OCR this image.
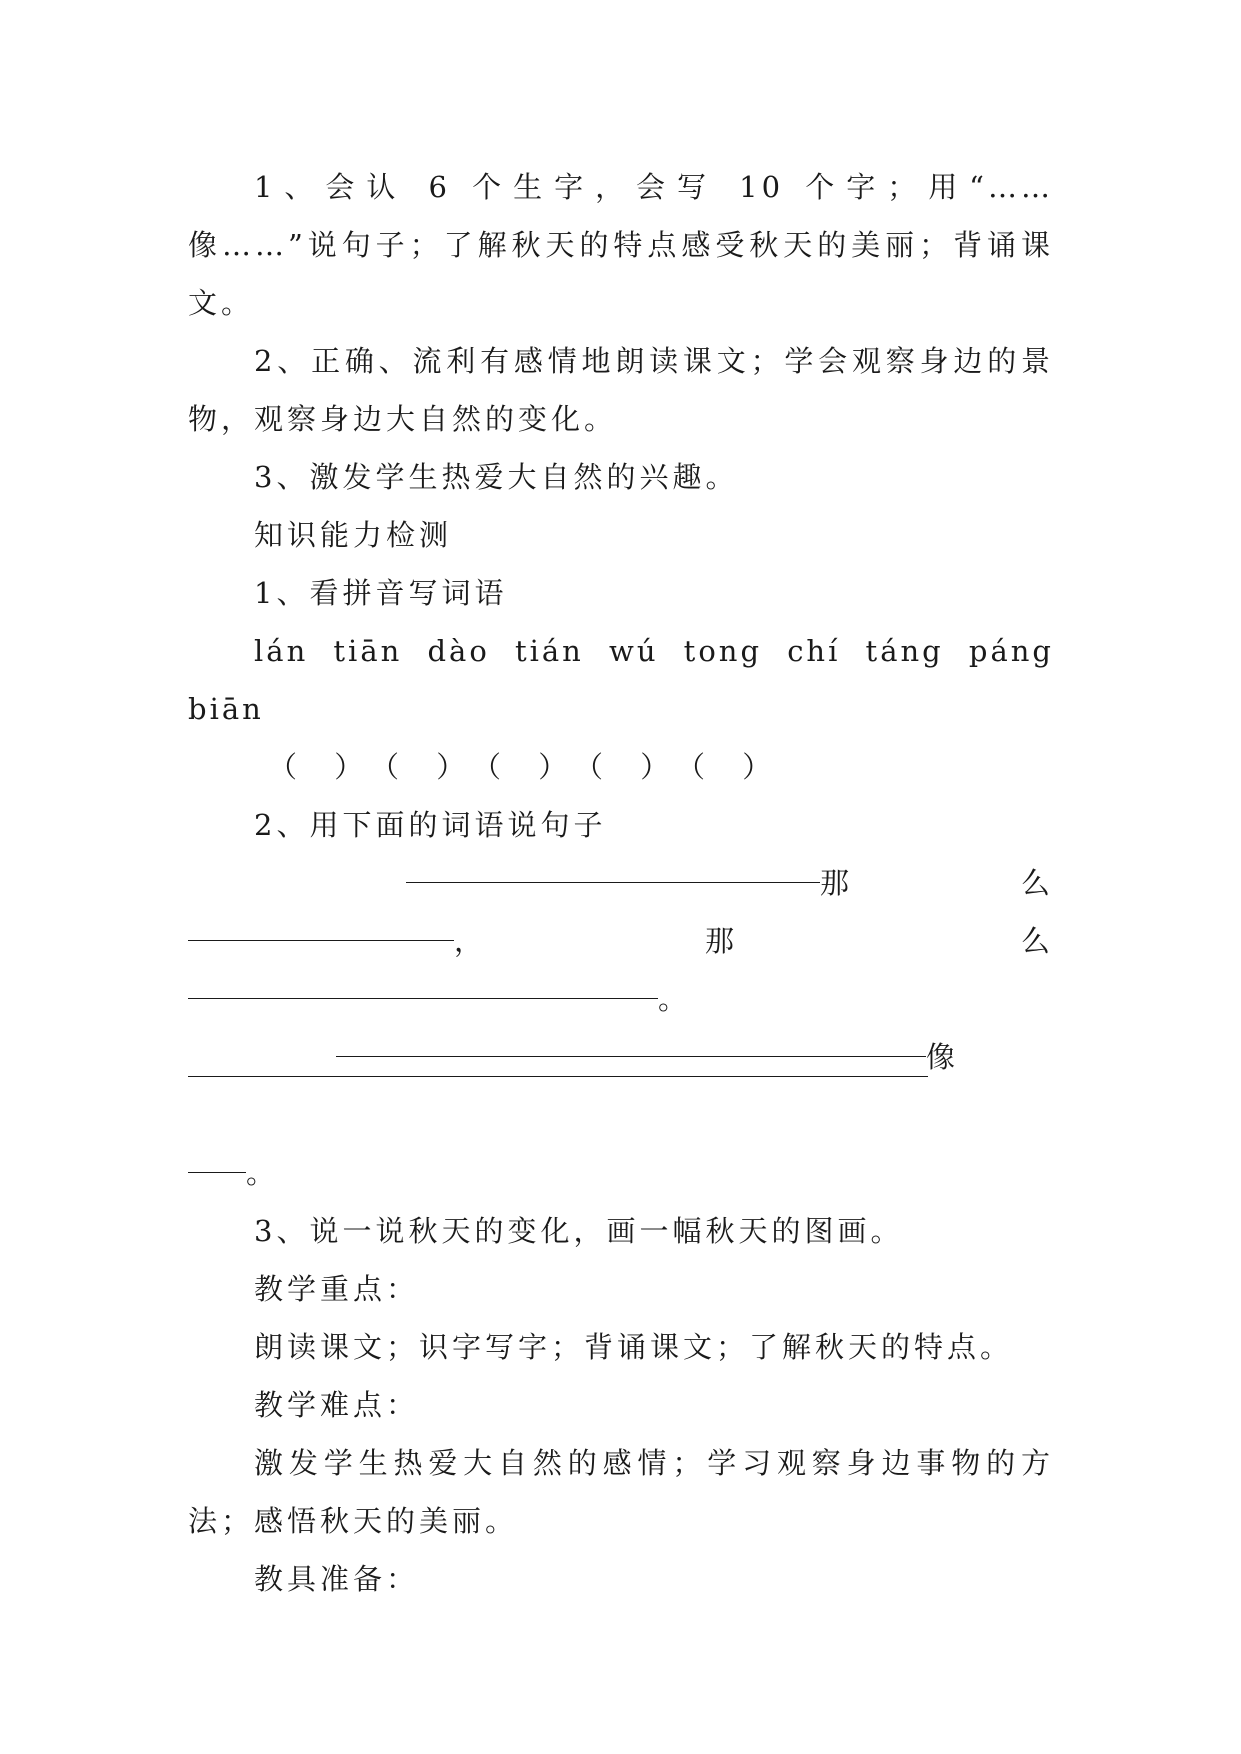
1、会认 6 个生字，会写 10 个字；用“……像……”说句子；了解秋天的特点感受秋天的美丽；背诵课文。

2、正确、流利有感情地朗读课文；学会观察身边的景物，观察身边大自然的变化。

3、激发学生热爱大自然的兴趣。

知识能力检测

1、看拼音写词语

lán tiān dào tián wú tong chí táng páng biān

（ ）（ ）（ ）（ ）（ ）

2、用下面的词语说句子

那	么
，	那	么
。
像
。

3、说一说秋天的变化，画一幅秋天的图画。

教学重点：

朗读课文；识字写字；背诵课文；了解秋天的特点。

教学难点：

激发学生热爱大自然的感情；学习观察身边事物的方法；感悟秋天的美丽。

教具准备：
